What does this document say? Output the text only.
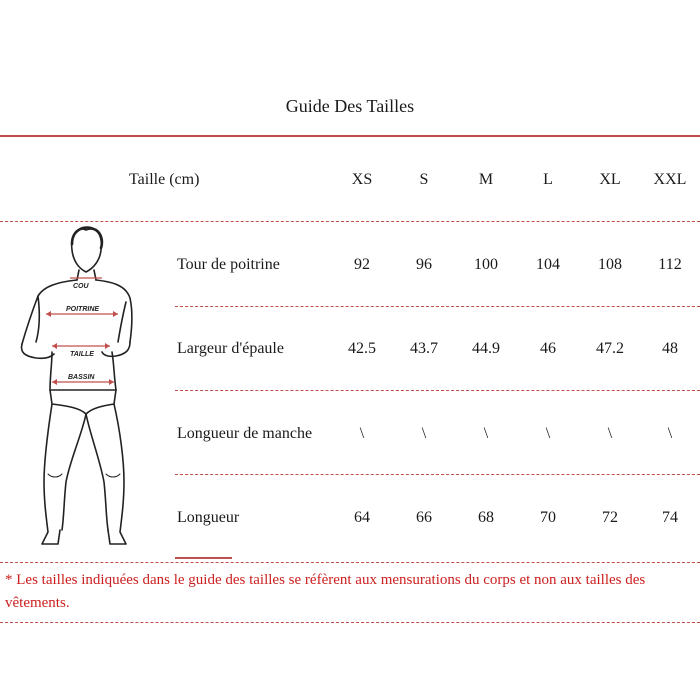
Guide Des Tailles
Taille (cm)	XS	S	M	L	XL	XXL
COU
POITRINE
TAILLE
BASSIN
Tour de poitrine	92	96	100	104	108	112
Largeur d'épaule	42.5	43.7	44.9	46	47.2	48
Longueur de manche	\	\	\	\	\	\
Longueur	64	66	68	70	72	74
* Les tailles indiquées dans le guide des tailles se réfèrent aux mensurations du corps et non aux tailles des vêtements.
